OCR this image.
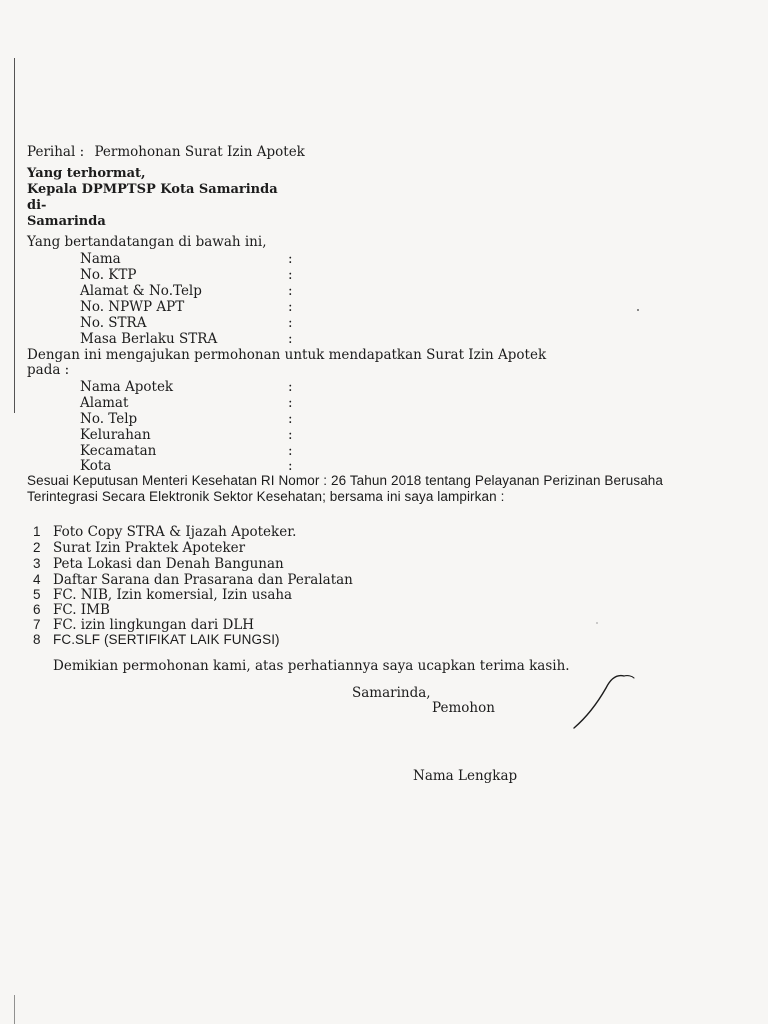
Perihal : Permohonan Surat Izin Apotek
Yang terhormat,
Kepala DPMPTSP Kota Samarinda
di-
Samarinda
Yang bertandatangan di bawah ini,
Nama	:
No. KTP	:
Alamat & No.Telp	:
No. NPWP APT	:
No. STRA	:
Masa Berlaku STRA	:
Dengan ini mengajukan permohonan untuk mendapatkan Surat Izin Apotek
pada :
Nama Apotek	:
Alamat	:
No. Telp	:
Kelurahan	:
Kecamatan	:
Kota	:
Sesuai Keputusan Menteri Kesehatan RI Nomor : 26 Tahun 2018 tentang Pelayanan Perizinan Berusaha
Terintegrasi Secara Elektronik Sektor Kesehatan; bersama ini saya lampirkan :
1 Foto Copy STRA & Ijazah Apoteker.
2 Surat Izin Praktek Apoteker
3 Peta Lokasi dan Denah Bangunan
4 Daftar Sarana dan Prasarana dan Peralatan
5 FC. NIB, Izin komersial, Izin usaha
6 FC. IMB
7 FC. izin lingkungan dari DLH
8 FC.SLF (SERTIFIKAT LAIK FUNGSI)
Demikian permohonan kami, atas perhatiannya saya ucapkan terima kasih.
Samarinda,
Pemohon
Nama Lengkap
